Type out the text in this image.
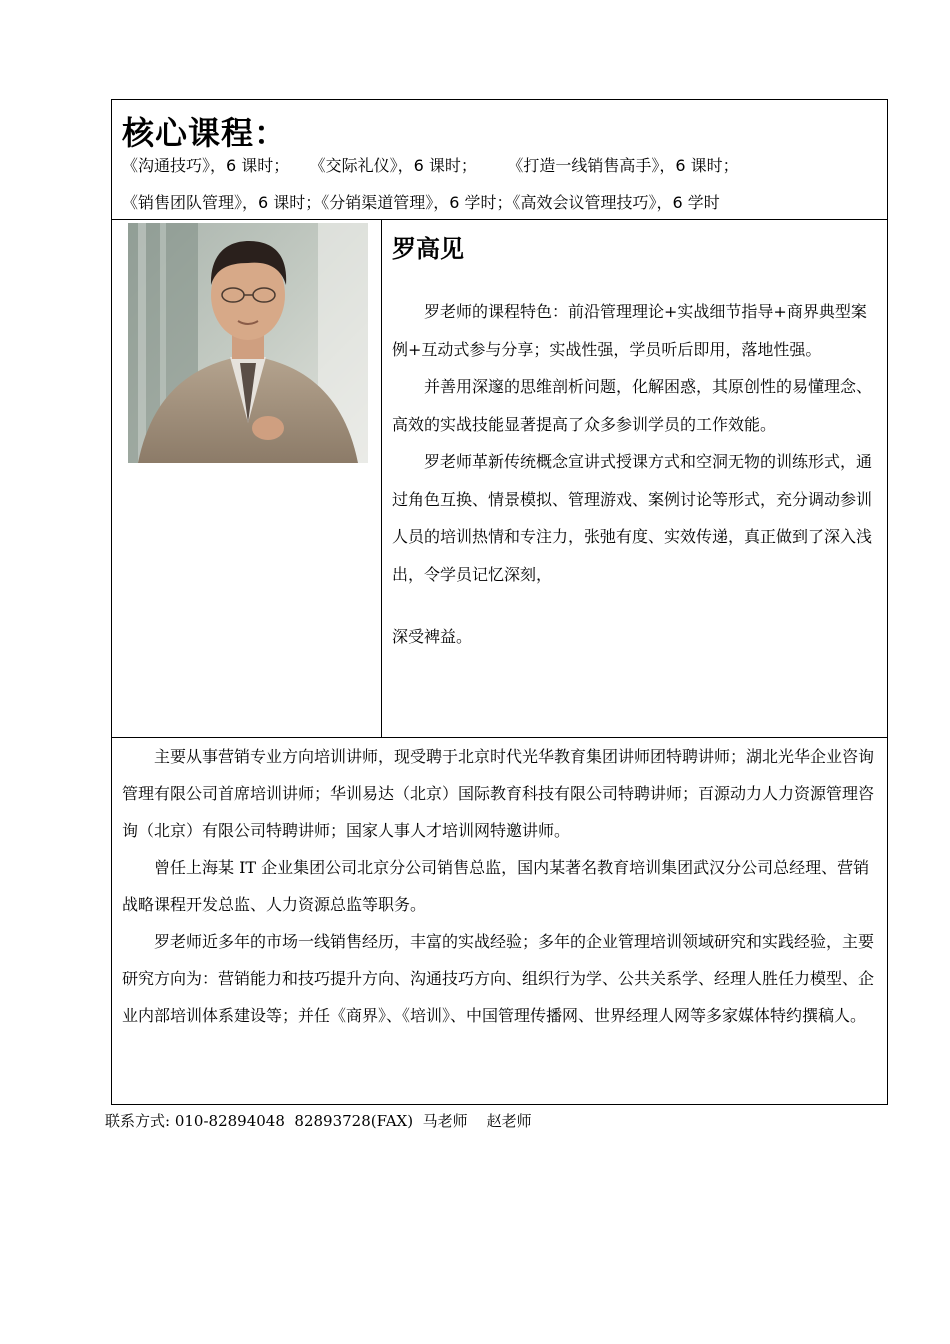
核心课程：
《沟通技巧》，6 课时；    《交际礼仪》，6 课时；      《打造一线销售高手》，6 课时；
《销售团队管理》，6 课时；《分销渠道管理》，6 学时；《高效会议管理技巧》，6 学时
罗高见

罗老师的课程特色：前沿管理理论+实战细节指导+商界典型案例+互动式参与分享；实战性强，学员听后即用，落地性强。

并善用深邃的思维剖析问题，化解困惑，其原创性的易懂理念、高效的实战技能显著提高了众多参训学员的工作效能。

罗老师革新传统概念宣讲式授课方式和空洞无物的训练形式，通过角色互换、情景模拟、管理游戏、案例讨论等形式，充分调动参训人员的培训热情和专注力，张弛有度、实效传递，真正做到了深入浅出，令学员记忆深刻，

深受裨益。

主要从事营销专业方向培训讲师，现受聘于北京时代光华教育集团讲师团特聘讲师；湖北光华企业咨询管理有限公司首席培训讲师；华训易达（北京）国际教育科技有限公司特聘讲师；百源动力人力资源管理咨询（北京）有限公司特聘讲师；国家人事人才培训网特邀讲师。

曾任上海某 IT 企业集团公司北京分公司销售总监，国内某著名教育培训集团武汉分公司总经理、营销战略课程开发总监、人力资源总监等职务。

罗老师近多年的市场一线销售经历，丰富的实战经验；多年的企业管理培训领域研究和实践经验，主要研究方向为：营销能力和技巧提升方向、沟通技巧方向、组织行为学、公共关系学、经理人胜任力模型、企业内部培训体系建设等；并任《商界》、《培训》、中国管理传播网、世界经理人网等多家媒体特约撰稿人。

联系方式: 010-82894048  82893728(FAX)  马老师    赵老师
